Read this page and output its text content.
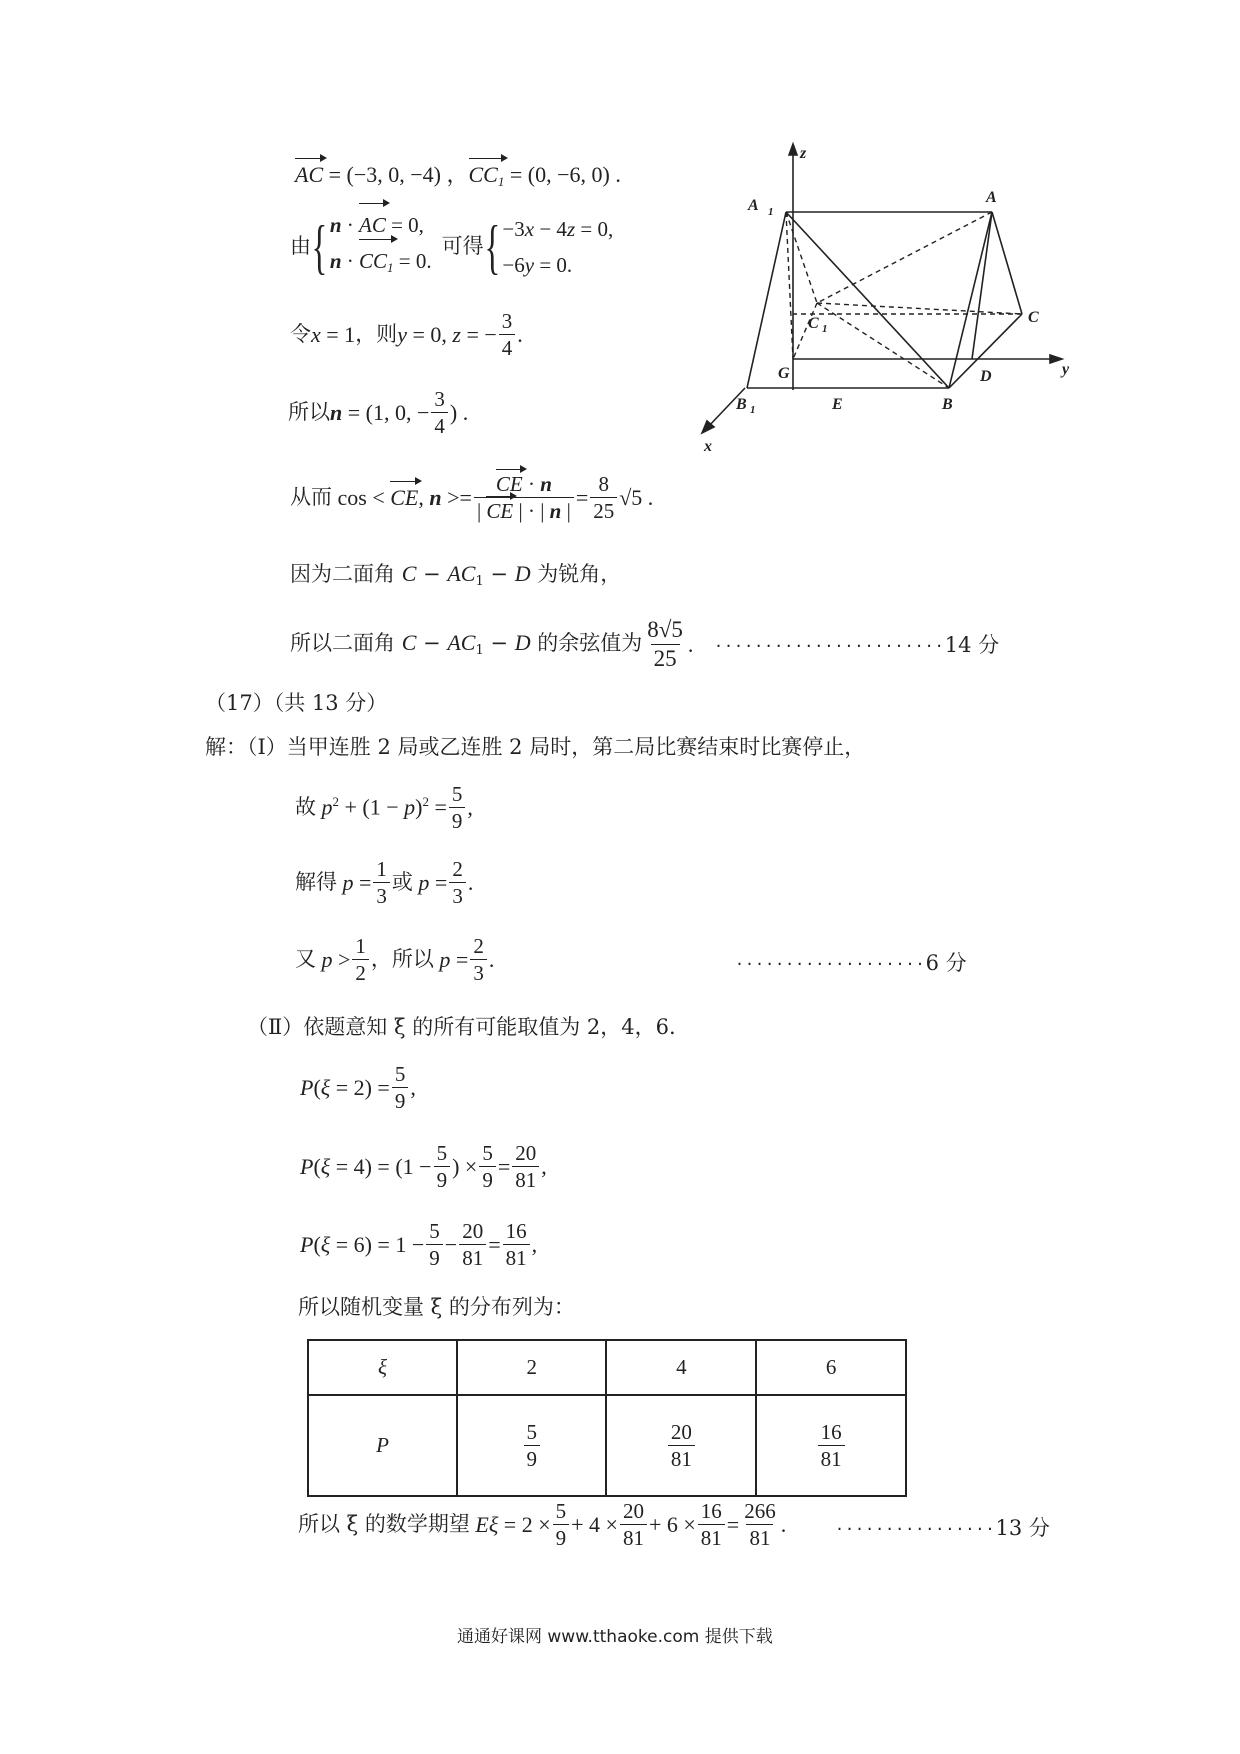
AC = (−3, 0, −4) ，$CC_1 = (0$, −6, 0) .
由 { n · AC = 0,
$n \cdot CC_1 = 0$.
可得 { −3x − 4z = 0,
−6y = 0.
令 x = 1 ，则 y = 0, z = − $\frac{3}{4}$ .
所以 n = (1, 0, − $\frac{3}{4}$ ) .
从而 cos < CE, $n >= \frac{CE \cdot n}{| CE | \cdot | n |} = \frac{8}{25} √5$ .
因为二面角 $C - AC_1 - D$ 为锐角，
所以二面角 $C - AC_1 - D$ 的余弦值为 $\frac{8√5}{25}$ . ······················· 14 分
z
y
x
A 1
A
C
C 1
G	D
B 1	E	B
（17）（共 13 分）
解：（Ⅰ）当甲连胜 2 局或乙连胜 2 局时，第二局比赛结束时比赛停止，
故 $p^2 + (1 - p)^2 = \frac{5}{9}$ ,
解得 $p = \frac{1}{3}$ 或 $p = \frac{2}{3}$ .
又 $p > \frac{1}{2}$ ，所以 $p = \frac{2}{3}$ .	··················· 6 分
（Ⅱ）依题意知 ξ 的所有可能取值为 2，4，6.
$P(\xi = 2) = \frac{5}{9}$ ,
$P(\xi = 4) = (1 - \frac{5}{9}$ ) × $\frac{5}{9} = \frac{20}{81}$ ,
$P(\xi = 6) = 1 - \frac{5}{9} - \frac{20}{81} = \frac{16}{81}$ ,
所以随机变量 ξ 的分布列为：
ξ	2	4	6
P	$\frac{5}{9}$	$\frac{20}{81}$	$\frac{16}{81}$
所以 ξ 的数学期望 $E\xi = 2 \times \frac{5}{9} + 4 \times \frac{20}{81} + 6 \times \frac{16}{81} = \frac{266}{81}$ .	················ 13 分
通通好课网 www.tthaoke.com 提供下载
